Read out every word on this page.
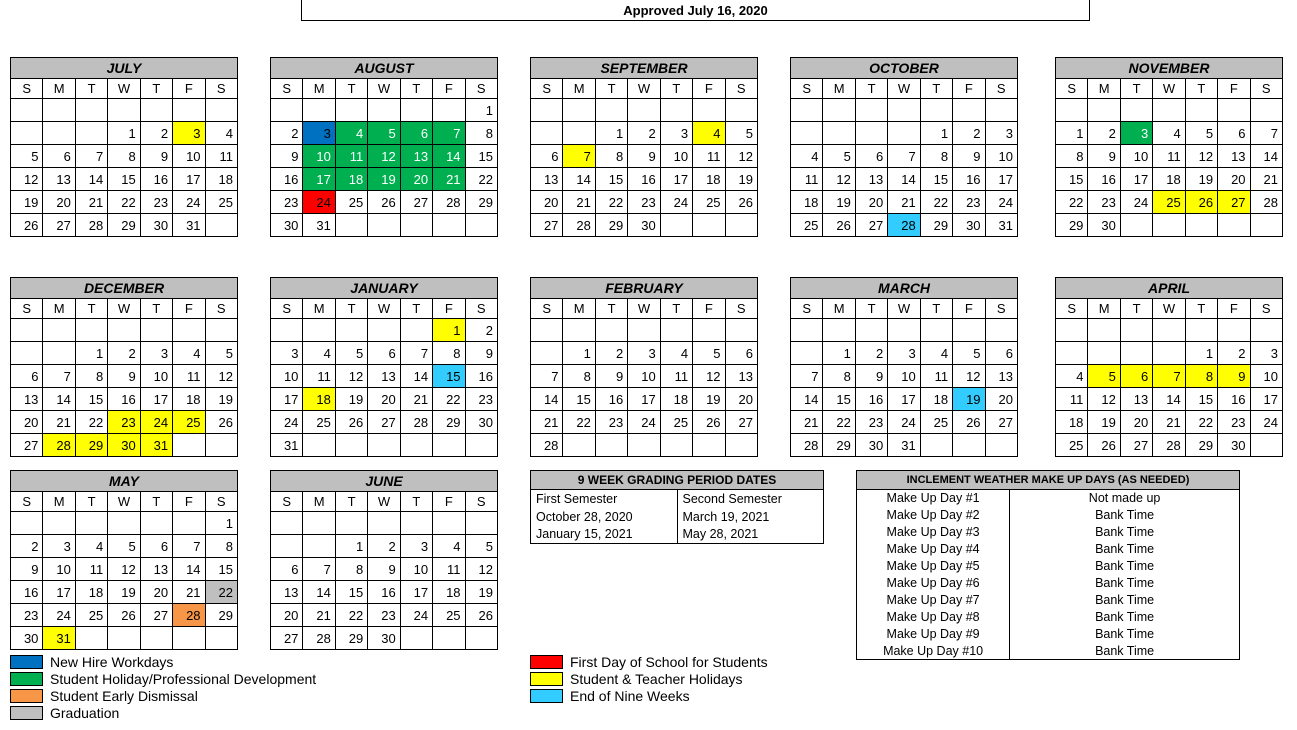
Approved July 16, 2020
JULY						
S	M	T	W	T	F	S

			1	2	3	4
5	6	7	8	9	10	11
12	13	14	15	16	17	18
19	20	21	22	23	24	25
26	27	28	29	30	31	
AUGUST						
S	M	T	W	T	F	S
						1
2	3	4	5	6	7	8
9	10	11	12	13	14	15
16	17	18	19	20	21	22
23	24	25	26	27	28	29
30	31					
SEPTEMBER						
S	M	T	W	T	F	S

		1	2	3	4	5
6	7	8	9	10	11	12
13	14	15	16	17	18	19
20	21	22	23	24	25	26
27	28	29	30			
OCTOBER						
S	M	T	W	T	F	S

				1	2	3
4	5	6	7	8	9	10
11	12	13	14	15	16	17
18	19	20	21	22	23	24
25	26	27	28	29	30	31
NOVEMBER						
S	M	T	W	T	F	S

1	2	3	4	5	6	7
8	9	10	11	12	13	14
15	16	17	18	19	20	21
22	23	24	25	26	27	28
29	30					
DECEMBER						
S	M	T	W	T	F	S

		1	2	3	4	5
6	7	8	9	10	11	12
13	14	15	16	17	18	19
20	21	22	23	24	25	26
27	28	29	30	31		
JANUARY						
S	M	T	W	T	F	S
					1	2
3	4	5	6	7	8	9
10	11	12	13	14	15	16
17	18	19	20	21	22	23
24	25	26	27	28	29	30
31						
FEBRUARY						
S	M	T	W	T	F	S

	1	2	3	4	5	6
7	8	9	10	11	12	13
14	15	16	17	18	19	20
21	22	23	24	25	26	27
28						
MARCH						
S	M	T	W	T	F	S

	1	2	3	4	5	6
7	8	9	10	11	12	13
14	15	16	17	18	19	20
21	22	23	24	25	26	27
28	29	30	31			
APRIL						
S	M	T	W	T	F	S

				1	2	3
4	5	6	7	8	9	10
11	12	13	14	15	16	17
18	19	20	21	22	23	24
25	26	27	28	29	30	
MAY						
S	M	T	W	T	F	S
						1
2	3	4	5	6	7	8
9	10	11	12	13	14	15
16	17	18	19	20	21	22
23	24	25	26	27	28	29
30	31					
JUNE						
S	M	T	W	T	F	S

		1	2	3	4	5
6	7	8	9	10	11	12
13	14	15	16	17	18	19
20	21	22	23	24	25	26
27	28	29	30			
9 WEEK GRADING PERIOD DATES	
First Semester	Second Semester
October 28, 2020	March 19, 2021
January 15, 2021	May 28, 2021
INCLEMENT WEATHER MAKE UP DAYS (AS NEEDED)	
Make Up Day #1	Not made up
Make Up Day #2	Bank Time
Make Up Day #3	Bank Time
Make Up Day #4	Bank Time
Make Up Day #5	Bank Time
Make Up Day #6	Bank Time
Make Up Day #7	Bank Time
Make Up Day #8	Bank Time
Make Up Day #9	Bank Time
Make Up Day #10	Bank Time
New Hire Workdays
Student Holiday/Professional Development
Student Early Dismissal
Graduation
First Day of School for Students
Student & Teacher Holidays
End of Nine Weeks
